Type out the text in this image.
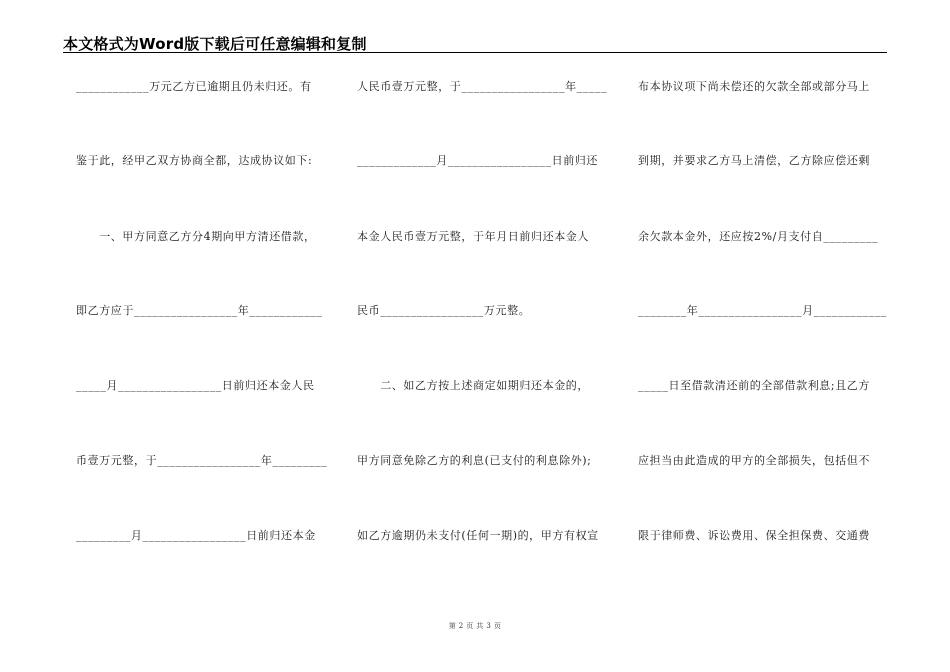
本文格式为Word版下载后可任意编辑和复制
____________万元乙方已逾期且仍未归还。有
鉴于此，经甲乙双方协商全都，达成协议如下:
　　一、甲方同意乙方分4期向甲方清还借款，
即乙方应于_________________年____________
_____月_________________日前归还本金人民
币壹万元整，于_________________年_________
_________月_________________日前归还本金
人民币壹万元整，于_________________年_____
_____________月_________________日前归还
本金人民币壹万元整，于年月日前归还本金人
民币_________________万元整。
　　二、如乙方按上述商定如期归还本金的，
甲方同意免除乙方的利息(已支付的利息除外);
如乙方逾期仍未支付(任何一期)的，甲方有权宣
布本协议项下尚未偿还的欠款全部或部分马上
到期，并要求乙方马上清偿，乙方除应偿还剩
余欠款本金外，还应按2%/月支付自_________
________年_________________月____________
_____日至借款清还前的全部借款利息;且乙方
应担当由此造成的甲方的全部损失，包括但不
限于律师费、诉讼费用、保全担保费、交通费
第 2 页 共 3 页
